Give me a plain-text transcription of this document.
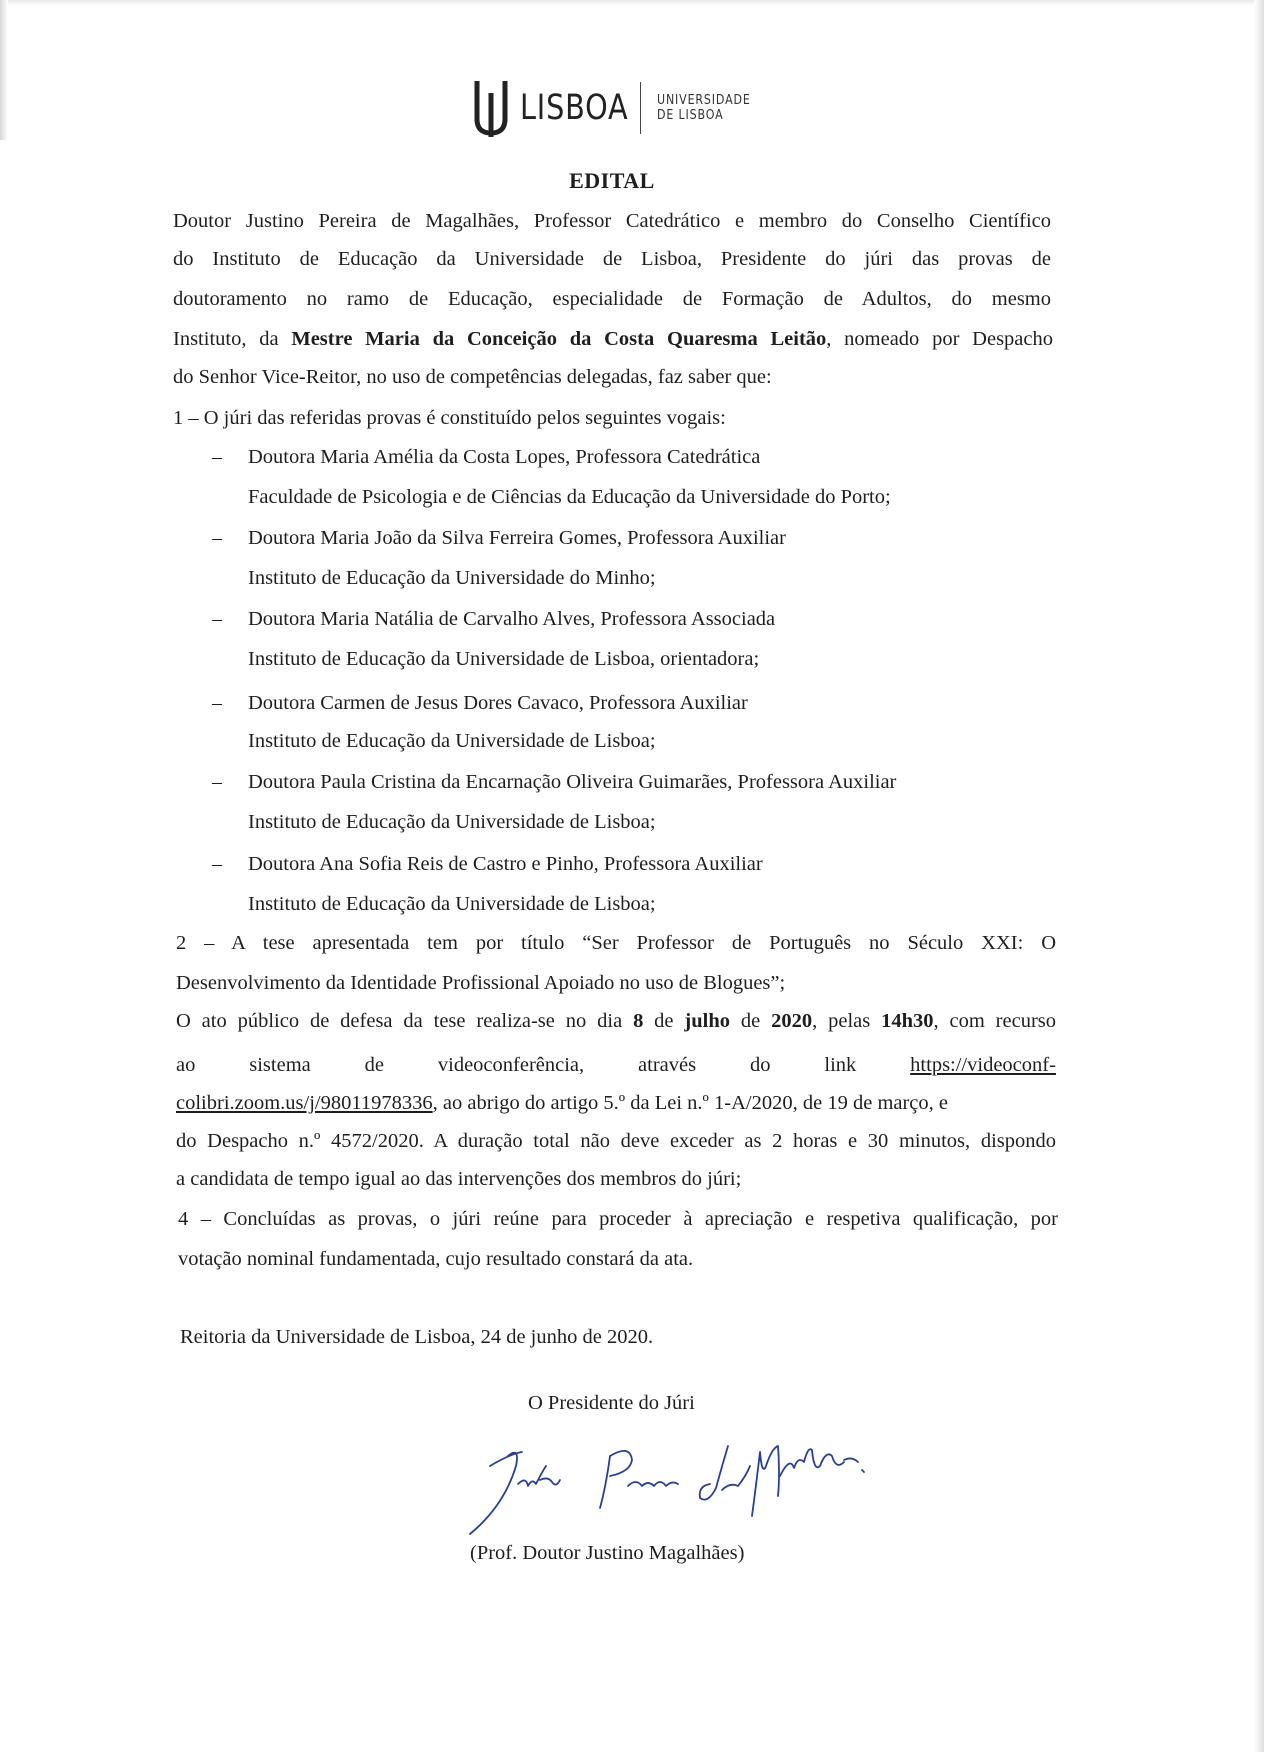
LISBOA UNIVERSIDADE
DE LISBOA
EDITAL
Doutor Justino Pereira de Magalhães, Professor Catedrático e membro do Conselho Científico
do Instituto de Educação da Universidade de Lisboa, Presidente do júri das provas de
doutoramento no ramo de Educação, especialidade de Formação de Adultos, do mesmo
Instituto, da Mestre Maria da Conceição da Costa Quaresma Leitão, nomeado por Despacho
do Senhor Vice-Reitor, no uso de competências delegadas, faz saber que:
1 – O júri das referidas provas é constituído pelos seguintes vogais:
– Doutora Maria Amélia da Costa Lopes, Professora Catedrática
Faculdade de Psicologia e de Ciências da Educação da Universidade do Porto;
– Doutora Maria João da Silva Ferreira Gomes, Professora Auxiliar
Instituto de Educação da Universidade do Minho;
– Doutora Maria Natália de Carvalho Alves, Professora Associada
Instituto de Educação da Universidade de Lisboa, orientadora;
– Doutora Carmen de Jesus Dores Cavaco, Professora Auxiliar
Instituto de Educação da Universidade de Lisboa;
– Doutora Paula Cristina da Encarnação Oliveira Guimarães, Professora Auxiliar
Instituto de Educação da Universidade de Lisboa;
– Doutora Ana Sofia Reis de Castro e Pinho, Professora Auxiliar
Instituto de Educação da Universidade de Lisboa;
2 – A tese apresentada tem por título “Ser Professor de Português no Século XXI: O
Desenvolvimento da Identidade Profissional Apoiado no uso de Blogues”;
O ato público de defesa da tese realiza-se no dia 8 de julho de 2020, pelas 14h30, com recurso
ao	sistema	de	videoconferência,	através	do	link	https://videoconf-
colibri.zoom.us/j/98011978336, ao abrigo do artigo 5.º da Lei n.º 1-A/2020, de 19 de março, e
do Despacho n.º 4572/2020. A duração total não deve exceder as 2 horas e 30 minutos, dispondo
a candidata de tempo igual ao das intervenções dos membros do júri;
4 – Concluídas as provas, o júri reúne para proceder à apreciação e respetiva qualificação, por
votação nominal fundamentada, cujo resultado constará da ata.
Reitoria da Universidade de Lisboa, 24 de junho de 2020.
O Presidente do Júri
(Prof. Doutor Justino Magalhães)
